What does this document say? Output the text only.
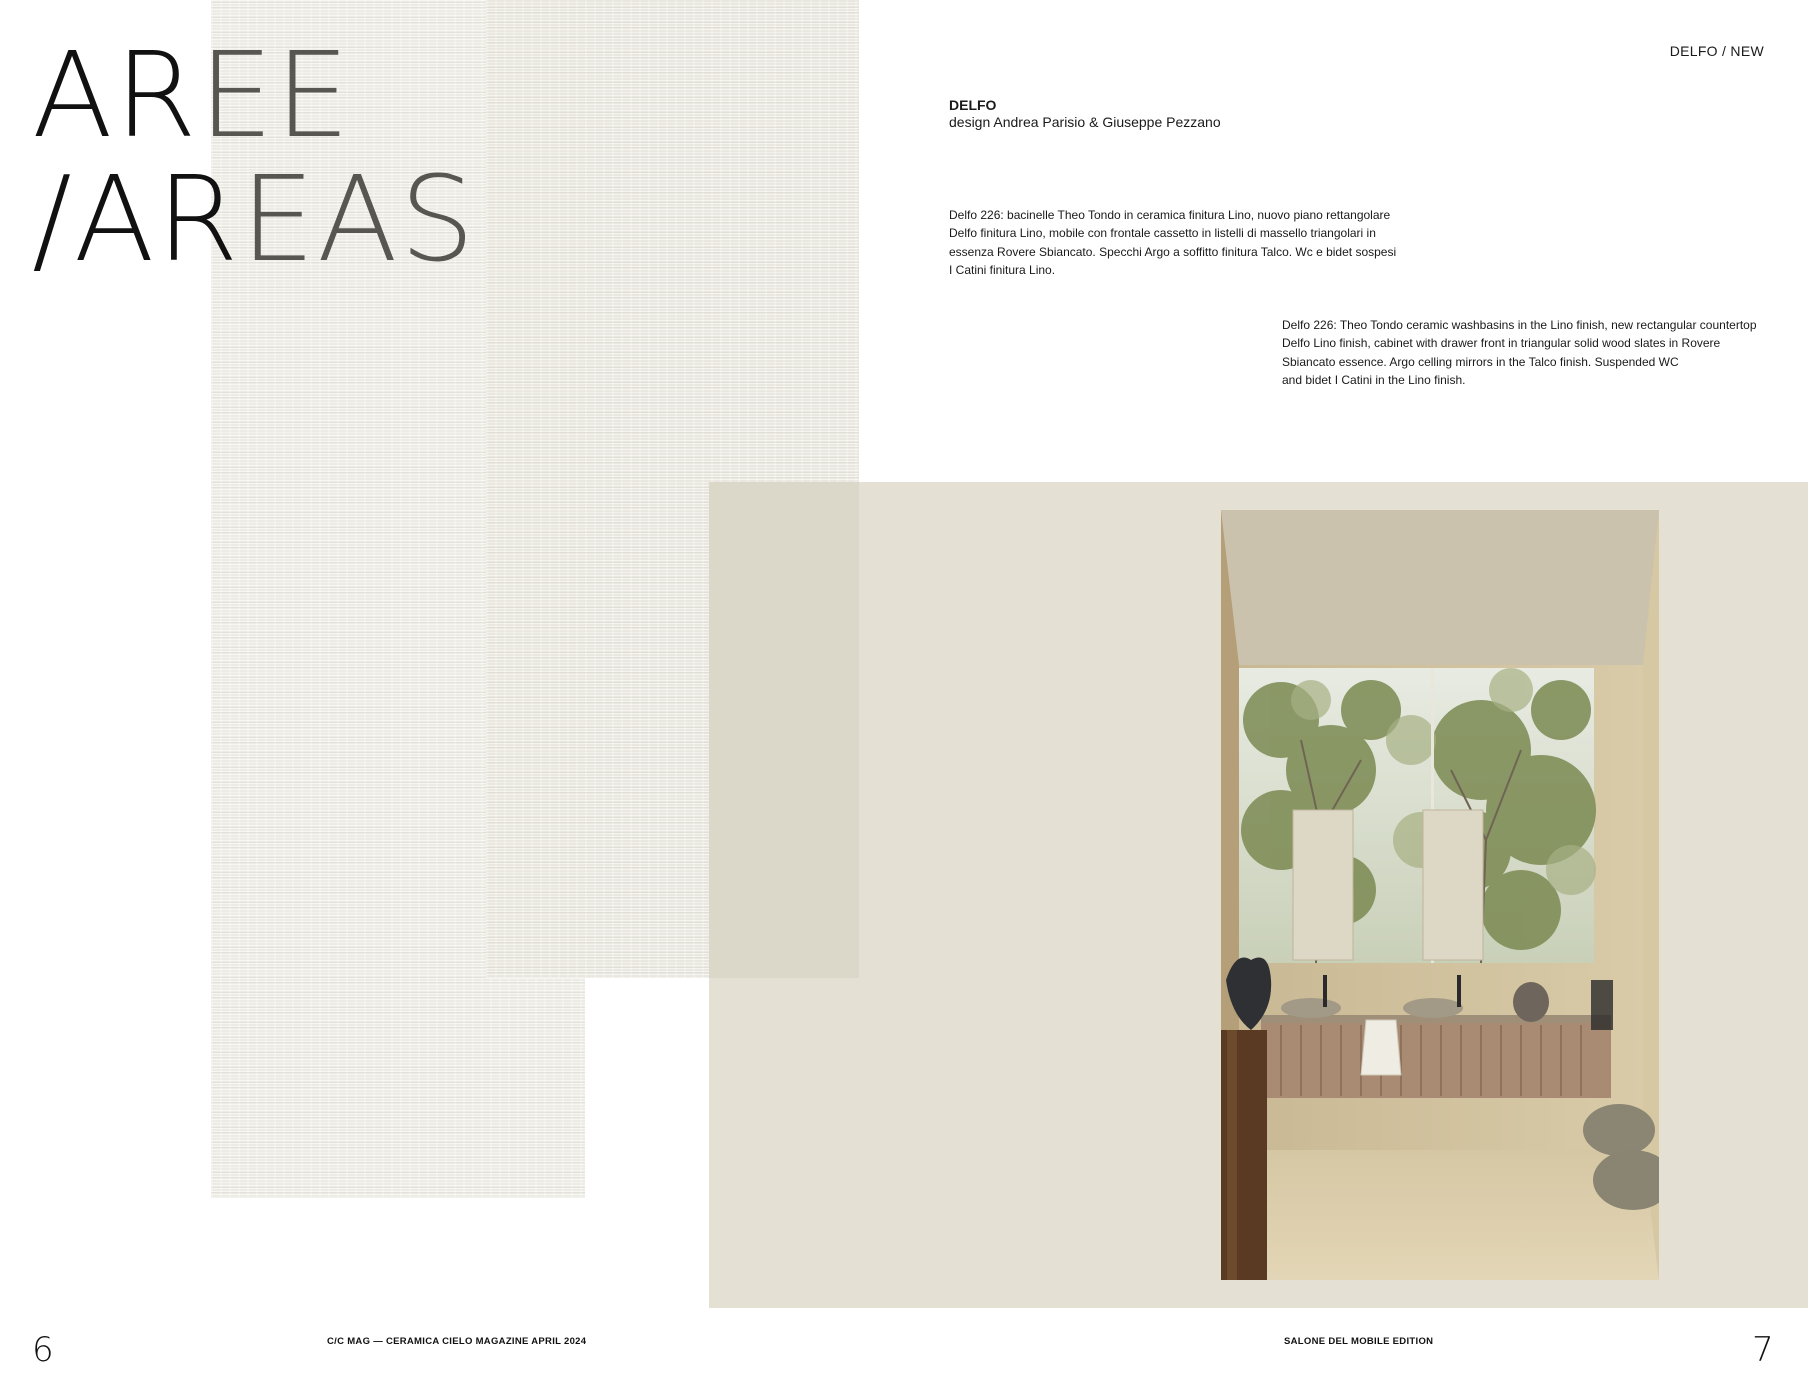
AREE
/AREAS
DELFO / NEW
DELFO
design Andrea Parisio & Giuseppe Pezzano
Delfo 226: bacinelle Theo Tondo in ceramica finitura Lino, nuovo piano rettangolare
Delfo finitura Lino, mobile con frontale cassetto in listelli di massello triangolari in
essenza Rovere Sbiancato. Specchi Argo a soffitto finitura Talco. Wc e bidet sospesi
I Catini finitura Lino.
Delfo 226: Theo Tondo ceramic washbasins in the Lino finish, new rectangular countertop
Delfo Lino finish, cabinet with drawer front in triangular solid wood slates in Rovere
Sbiancato essence. Argo celling mirrors in the Talco finish. Suspended WC
and bidet I Catini in the Lino finish.
6	C/C MAG — CERAMICA CIELO MAGAZINE APRIL 2024	SALONE DEL MOBILE EDITION	7
